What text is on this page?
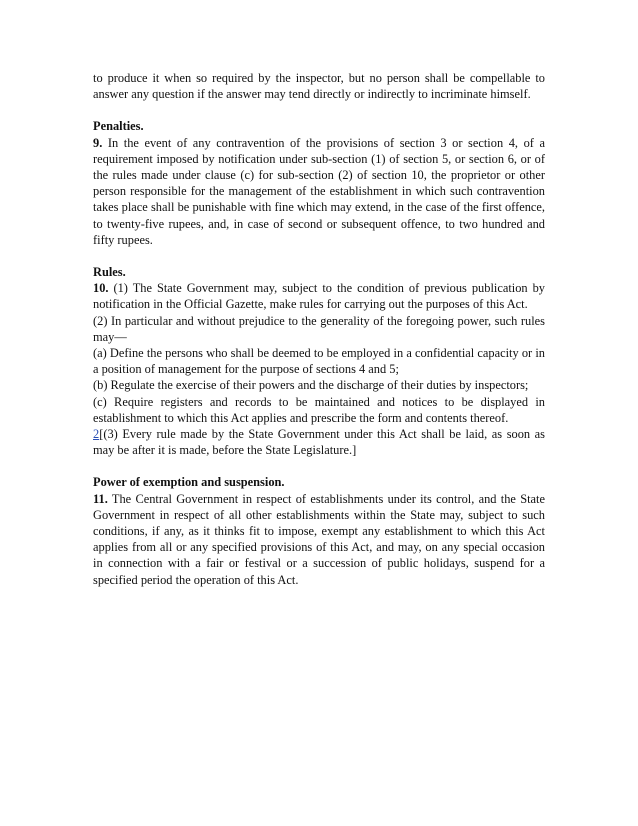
to produce it when so required by the inspector, but no person shall be compellable to answer any question if the answer may tend directly or indirectly to incriminate himself.

Penalties.

9. In the event of any contravention of the provisions of section 3 or section 4, of a requirement imposed by notification under sub-section (1) of section 5, or section 6, or of the rules made under clause (c) for sub-section (2) of section 10, the proprietor or other person responsible for the management of the establishment in which such contravention takes place shall be punishable with fine which may extend, in the case of the first offence, to twenty-five rupees, and, in case of second or subsequent offence, to two hundred and fifty rupees.

Rules.

10. (1) The State Government may, subject to the condition of previous publication by notification in the Official Gazette, make rules for carrying out the purposes of this Act.

(2) In particular and without prejudice to the generality of the foregoing power, such rules may—

(a) Define the persons who shall be deemed to be employed in a confidential capacity or in a position of management for the purpose of sections 4 and 5;

(b) Regulate the exercise of their powers and the discharge of their duties by inspectors;

(c) Require registers and records to be maintained and notices to be displayed in establishment to which this Act applies and prescribe the form and contents thereof.

2[(3) Every rule made by the State Government under this Act shall be laid, as soon as may be after it is made, before the State Legislature.]

Power of exemption and suspension.

11. The Central Government in respect of establishments under its control, and the State Government in respect of all other establishments within the State may, subject to such conditions, if any, as it thinks fit to impose, exempt any establishment to which this Act applies from all or any specified provisions of this Act, and may, on any special occasion in connection with a fair or festival or a succession of public holidays, suspend for a specified period the operation of this Act.
